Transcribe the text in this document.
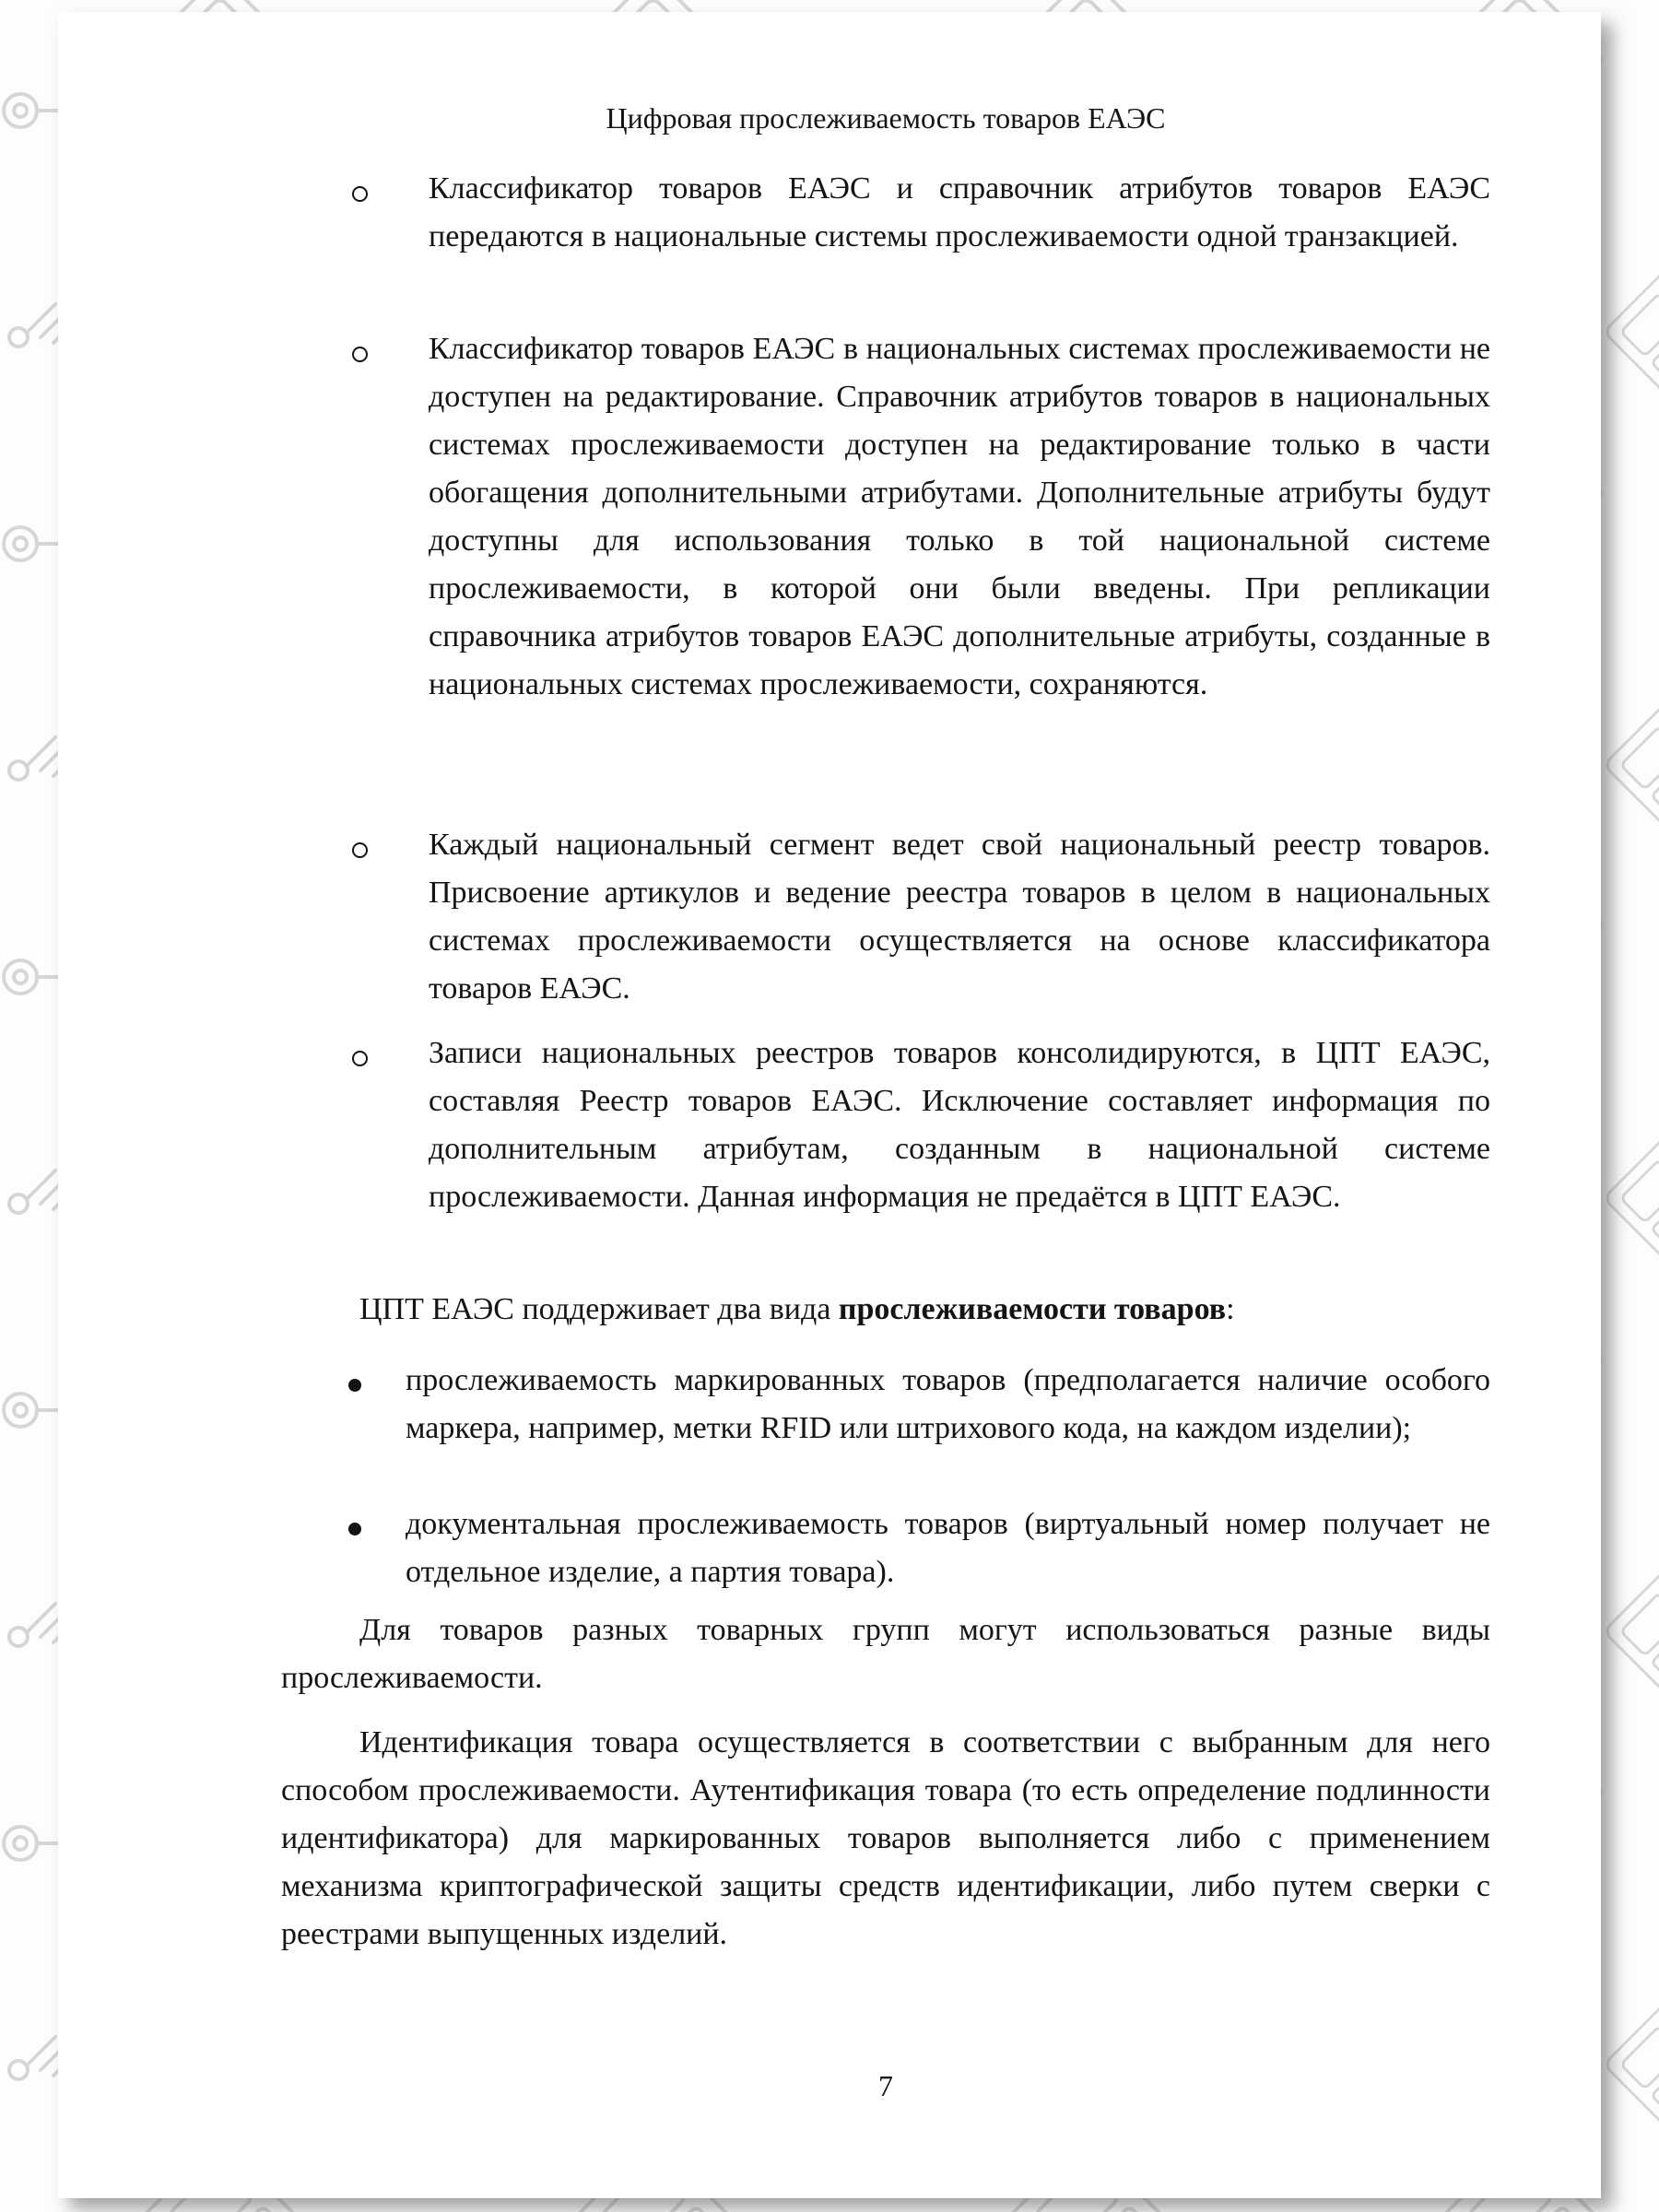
Цифровая прослеживаемость товаров ЕАЭС
Классификатор товаров ЕАЭС и справочник атрибутов товаров ЕАЭС передаются в национальные системы прослеживаемости одной транзакцией.
Классификатор товаров ЕАЭС в национальных системах прослеживаемости не доступен на редактирование. Справочник атрибутов товаров в национальных системах прослеживаемости доступен на редактирование только в части обогащения дополнительными атрибутами. Дополнительные атрибуты будут доступны для использования только в той национальной системе прослеживаемости, в которой они были введены. При репликации справочника атрибутов товаров ЕАЭС дополнительные атрибуты, созданные в национальных системах прослеживаемости, сохраняются.
Каждый национальный сегмент ведет свой национальный реестр товаров. Присвоение артикулов и ведение реестра товаров в целом в национальных системах прослеживаемости осуществляется на основе классификатора товаров ЕАЭС.
Записи национальных реестров товаров консолидируются, в ЦПТ ЕАЭС, составляя Реестр товаров ЕАЭС. Исключение составляет информация по дополнительным атрибутам, созданным в национальной системе прослеживаемости. Данная информация не предаётся в ЦПТ ЕАЭС.
ЦПТ ЕАЭС поддерживает два вида прослеживаемости товаров:
прослеживаемость маркированных товаров (предполагается наличие особого маркера, например, метки RFID или штрихового кода, на каждом изделии);
документальная прослеживаемость товаров (виртуальный номер получает не отдельное изделие, а партия товара).
Для товаров разных товарных групп могут использоваться разные виды прослеживаемости.
Идентификация товара осуществляется в соответствии с выбранным для него способом прослеживаемости. Аутентификация товара (то есть определение подлинности идентификатора) для маркированных товаров выполняется либо с применением механизма криптографической защиты средств идентификации, либо путем сверки с реестрами выпущенных изделий.
7
